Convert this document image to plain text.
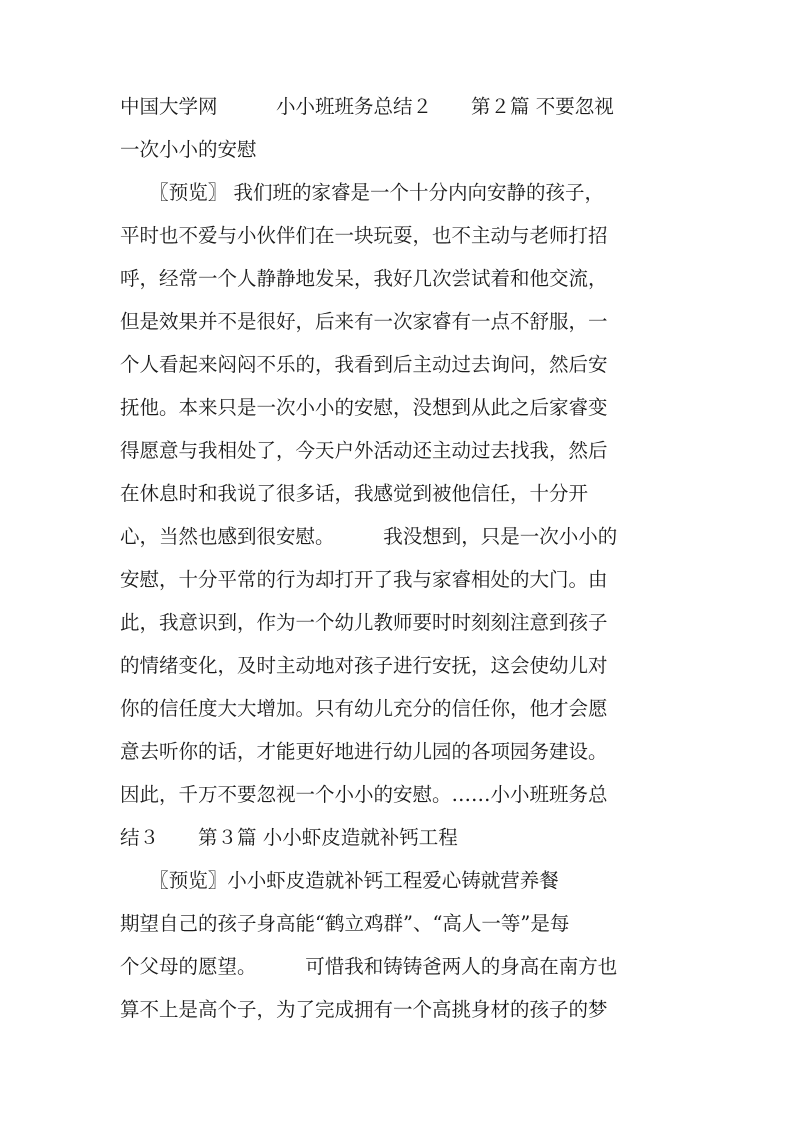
中国大学网　　　小小班班务总结２　　第２篇 不要忽视
一次小小的安慰
　　〖预览〗 我们班的家睿是一个十分内向安静的孩子，
平时也不爱与小伙伴们在一块玩耍，也不主动与老师打招
呼，经常一个人静静地发呆，我好几次尝试着和他交流，
但是效果并不是很好，后来有一次家睿有一点不舒服，一
个人看起来闷闷不乐的，我看到后主动过去询问，然后安
抚他。本来只是一次小小的安慰，没想到从此之后家睿变
得愿意与我相处了，今天户外活动还主动过去找我，然后
在休息时和我说了很多话，我感觉到被他信任，十分开
心，当然也感到很安慰。　　　我没想到，只是一次小小的
安慰，十分平常的行为却打开了我与家睿相处的大门。由
此，我意识到，作为一个幼儿教师要时时刻刻注意到孩子
的情绪变化，及时主动地对孩子进行安抚，这会使幼儿对
你的信任度大大增加。只有幼儿充分的信任你，他才会愿
意去听你的话，才能更好地进行幼儿园的各项园务建设。
因此，千万不要忽视一个小小的安慰。……小小班班务总
结３　　第３篇 小小虾皮造就补钙工程
　　〖预览〗小小虾皮造就补钙工程爱心铸就营养餐
期望自己的孩子身高能“鹤立鸡群”、“高人一等”是每
个父母的愿望。　　　可惜我和铸铸爸两人的身高在南方也
算不上是高个子，为了完成拥有一个高挑身材的孩子的梦
